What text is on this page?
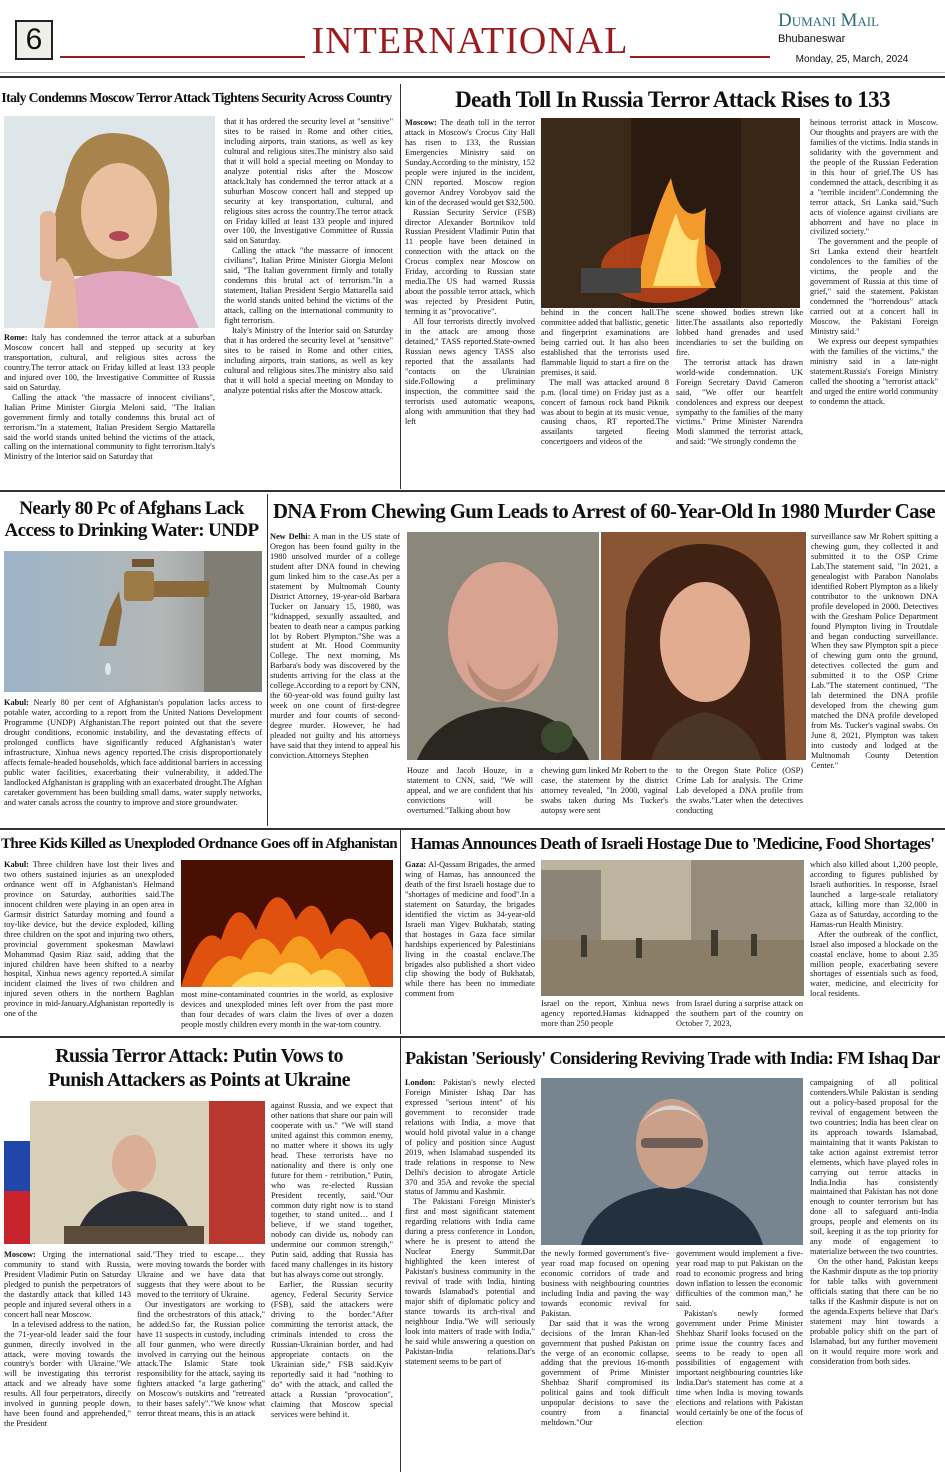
6	INTERNATIONAL	Dumani Mail
Bhubaneswar
Monday, 25, March, 2024
Italy Condemns Moscow Terror Attack Tightens Security Across Country

Rome: Italy has condemned the terror attack at a suburban Moscow concert hall and stepped up security at key transportation, cultural, and religious sites across the country.The terror attack on Friday killed at least 133 people and injured over 100, the Investigative Committee of Russia said on Saturday.

Calling the attack "the massacre of innocent civilians", Italian Prime Minister Giorgia Meloni said, "The Italian government firmly and totally condemns this brutal act of terrorism."In a statement, Italian President Sergio Mattarella said the world stands united behind the victims of the attack, calling on the international community to fight terrorism.Italy's Ministry of the Interior said on Saturday that

that it has ordered the security level at "sensitive" sites to be raised in Rome and other cities, including airports, train stations, as well as key cultural and religious sites.The ministry also said that it will hold a special meeting on Monday to analyze potential risks after the Moscow attack.Italy has condemned the terror attack at a suburban Moscow concert hall and stepped up security at key transportation, cultural, and religious sites across the country.The terror attack on Friday killed at least 133 people and injured over 100, the Investigative Committee of Russia said on Saturday.

Calling the attack "the massacre of innocent civilians", Italian Prime Minister Giorgia Meloni said, "The Italian government firmly and totally condemns this brutal act of terrorism."In a statement, Italian President Sergio Mattarella said the world stands united behind the victims of the attack, calling on the international community to fight terrorism.

Italy's Ministry of the Interior said on Saturday that it has ordered the security level at "sensitive" sites to be raised in Rome and other cities, including airports, train stations, as well as key cultural and religious sites.The ministry also said that it will hold a special meeting on Monday to analyze potential risks after the Moscow attack.

Death Toll In Russia Terror Attack Rises to 133

Moscow: The death toll in the terror attack in Moscow's Crocus City Hall has risen to 133, the Russian Emergencies Ministry said on Sunday.According to the ministry, 152 people were injured in the incident, CNN reported. Moscow region governor Andrey Vorobyov said the kin of the deceased would get $32,500.

Russian Security Service (FSB) director Alexander Bortnikov told Russian President Vladimir Putin that 11 people have been detained in connection with the attack on the Crocus complex near Moscow on Friday, according to Russian state media.The US had warned Russia about the possible terror attack, which was rejected by President Putin, terming it as "provocative".

All four terrorists directly involved in the attack are among those detained," TASS reported.State-owned Russian news agency TASS also reported that the assailants had "contacts on the Ukrainian side.Following a preliminary inspection, the committee said the terrorists used automatic weapons, along with ammunition that they had left

behind in the concert hall.The committee added that ballistic, genetic and fingerprint examinations are being carried out. It has also been established that the terrorists used flammable liquid to start a fire on the premises, it said.

The mall was attacked around 8 p.m. (local time) on Friday just as a concert of famous rock band Piknik was about to begin at its music venue, causing chaos, RT reported.The assailants targeted fleeing concertgoers and videos of the

scene showed bodies strewn like litter.The assailants also reportedly lobbed hand grenades and used incendiaries to set the building on fire.

The terrorist attack has drawn world-wide condemnation. UK Foreign Secretary David Cameron said, "We offer our heartfelt condolences and express our deepest sympathy to the families of the many victims." Prime Minister Narendra Modi slammed the terrorist attack, and said: "We strongly condemn the

heinous terrorist attack in Moscow. Our thoughts and prayers are with the families of the victims. India stands in solidarity with the government and the people of the Russian Federation in this hour of grief.The US has condemned the attack, describing it as a "terrible incident".Condemning the terror attack, Sri Lanka said,"Such acts of violence against civilians are abhorrent and have no place in civilized society."

The government and the people of Sri Lanka extend their heartfelt condolences to the families of the victims, the people and the government of Russia at this time of grief," said the statement. Pakistan condemned the "horrendous" attack carried out at a concert hall in Moscow, the Pakistani Foreign Ministry said."

We express our deepest sympathies with the families of the victims," the ministry said in a late-night statement.Russia's Foreign Ministry called the shooting a "terrorist attack" and urged the entire world community to condemn the attack.

Nearly 80 Pc of Afghans Lack
Access to Drinking Water: UNDP

Kabul: Nearly 80 per cent of Afghanistan's population lacks access to potable water, according to a report from the United Nations Development Programme (UNDP) Afghanistan.The report pointed out that the severe drought conditions, economic instability, and the devastating effects of prolonged conflicts have significantly reduced Afghanistan's water infrastructure, Xinhua news agency reported.The crisis disproportionately affects female-headed households, which face additional barriers in accessing public water facilities, exacerbating their vulnerability, it added.The landlocked Afghanistan is grappling with an exacerbated drought.The Afghan caretaker government has been building small dams, water supply networks, and water canals across the country to improve and store groundwater.

DNA From Chewing Gum Leads to Arrest of 60-Year-Old In 1980 Murder Case

New Delhi: A man in the US state of Oregon has been found guilty in the 1980 unsolved murder of a college student after DNA found in chewing gum linked him to the case.As per a statement by Multnomah County District Attorney, 19-year-old Barbara Tucker on January 15, 1980, was "kidnapped, sexually assaulted, and beaten to death near a campus parking lot by Robert Plympton."She was a student at Mt. Hood Community College. The next morning, Ms Barbara's body was discovered by the students arriving for the class at the college.According to a report by CNN, the 60-year-old was found guilty last week on one count of first-degree murder and four counts of second-degree murder. However, he had pleaded not guilty and his attorneys have said that they intend to appeal his conviction.Attorneys Stephen

Houze and Jacob Houze, in a statement to CNN, said, "We will appeal, and we are confident that his convictions will be overturned."Talking about how

chewing gum linked Mr Robert to the case, the statement by the district attorney revealed, "In 2000, vaginal swabs taken during Ms Tucker's autopsy were sent

to the Oregon State Police (OSP) Crime Lab for analysis. The Crime Lab developed a DNA profile from the swabs."Later when the detectives conducting

surveillance saw Mr Robert spitting a chewing gum, they collected it and submitted it to the OSP Crime Lab.The statement said, "In 2021, a genealogist with Parabon Nanolabs identified Robert Plympton as a likely contributor to the unknown DNA profile developed in 2000. Detectives with the Gresham Police Department found Plympton living in Troutdale and began conducting surveillance. When they saw Plympton spit a piece of chewing gum onto the ground, detectives collected the gum and submitted it to the OSP Crime Lab."The statement continued, "The lab determined the DNA profile developed from the chewing gum matched the DNA profile developed from Ms. Tucker's vaginal swabs. On June 8, 2021, Plympton was taken into custody and lodged at the Multnomah County Detention Center."

Three Kids Killed as Unexploded Ordnance Goes off in Afghanistan

Kabul: Three children have lost their lives and two others sustained injuries as an unexploded ordnance went off in Afghanistan's Helmand province on Saturday, authorities said.The innocent children were playing in an open area in Garmsir district Saturday morning and found a toy-like device, but the device exploded, killing three children on the spot and injuring two others, provincial government spokesman Mawlawi Mohammad Qasim Riaz said, adding that the injured children have been shifted to a nearby hospital, Xinhua news agency reported.A similar incident claimed the lives of two children and injured seven others in the northern Baghlan province in mid-January.Afghanistan reportedly is one of the

most mine-contaminated countries in the world, as explosive devices and unexploded mines left over from the past more than four decades of wars claim the lives of over a dozen people mostly children every month in the war-torn country.

Hamas Announces Death of Israeli Hostage Due to 'Medicine, Food Shortages'

Gaza: Al-Qassam Brigades, the armed wing of Hamas, has announced the death of the first Israeli hostage due to "shortages of medicine and food".In a statement on Saturday, the brigades identified the victim as 34-year-old Israeli man Yigev Bukhatab, stating that hostages in Gaza face similar hardships experienced by Palestinians living in the coastal enclave.The brigades also published a short video clip showing the body of Bukhatab, while there has been no immediate comment from

Israel on the report, Xinhua news agency reported.Hamas kidnapped more than 250 people

from Israel during a surprise attack on the southern part of the country on October 7, 2023,

which also killed about 1,200 people, according to figures published by Israeli authorities. In response, Israel launched a large-scale retaliatory attack, killing more than 32,000 in Gaza as of Saturday, according to the Hamas-run Health Ministry.

After the outbreak of the conflict, Israel also imposed a blockade on the coastal enclave, home to about 2.35 million people, exacerbating severe shortages of essentials such as food, water, medicine, and electricity for local residents.

Russia Terror Attack: Putin Vows to
Punish Attackers as Points at Ukraine

Moscow: Urging the international community to stand with Russia, President Vladimir Putin on Saturday pledged to punish the perpetrators of the dastardly attack that killed 143 people and injured several others in a concert hall near Moscow.

In a televised address to the nation, the 71-year-old leader said the four gunmen, directly involved in the attack, were moving towards the country's border with Ukraine."We will be investigating this terrorist attack and we already have some results. All four perpetrators, directly involved in gunning people down, have been found and apprehended," the President

said."They tried to escape… they were moving towards the border with Ukraine and we have data that suggests that they were about to be moved to the territory of Ukraine.

Our investigators are working to find the orchestrators of this attack," he added.So far, the Russian police have 11 suspects in custody, including all four gunmen, who were directly involved in carrying out the heinous attack.The Islamic State took responsibility for the attack, saying its fighters attacked "a large gathering" on Moscow's outskirts and "retreated to their bases safely"."We know what terror threat means, this is an attack

against Russia, and we expect that other nations that share our pain will cooperate with us." "We will stand united against this common enemy, no matter where it shows its ugly head. These terrorists have no nationality and there is only one future for them - retribution," Putin, who was re-elected Russian President recently, said."Our common duty right now is to stand together, to stand united… and I believe, if we stand together, nobody can divide us, nobody can undermine our common strength," Putin said, adding that Russia has faced many challenges in its history but has always come out strongly.

Earlier, the Russian security agency, Federal Security Service (FSB), said the attackers were driving to the border."After committing the terrorist attack, the criminals intended to cross the Russian-Ukrainian border, and had appropriate contacts on the Ukrainian side," FSB said.Kyiv reportedly said it had "nothing to do" with the attack, and called the attack a Russian "provocation", claiming that Moscow special services were behind it.

Pakistan 'Seriously' Considering Reviving Trade with India: FM Ishaq Dar

London: Pakistan's newly elected Foreign Minister Ishaq Dar has expressed "serious intent" of his government to reconsider trade relations with India, a move that would hold pivotal value in a change of policy and position since August 2019, when Islamabad suspended its trade relations in response to New Delhi's decision to abrogate Article 370 and 35A and revoke the special status of Jammu and Kashmir.

The Pakistani Foreign Minister's first and most significant statement regarding relations with India came during a press conference in London, where he is present to attend the Nuclear Energy Summit.Dar highlighted the keen interest of Pakistan's business community in the revival of trade with India, hinting towards Islamabad's potential and major shift of diplomatic policy and stance towards its arch-rival and neighbour India."We will seriously look into matters of trade with India," he said while answering a question on Pakistan-India relations.Dar's statement seems to be part of

the newly formed government's five-year road map focused on opening economic corridors of trade and business with neighbouring countries including India and paving the way towards economic revival for Pakistan.

Dar said that it was the wrong decisions of the Imran Khan-led government that pushed Pakistan on the verge of an economic collapse, adding that the previous 16-month government of Prime Minister Shehbaz Sharif compromised its political gains and took difficult unpopular decisions to save the country from a financial meltdown."Our

government would implement a five-year road map to put Pakistan on the road to economic progress and bring down inflation to lessen the economic difficulties of the common man," he said.

Pakistan's newly formed government under Prime Minister Shehbaz Sharif looks focused on the prime issue the country faces and seems to be ready to open all possibilities of engagement with important neighbouring countries like India.Dar's statement has come at a time when India is moving towards elections and relations with Pakistan would certainly be one of the focus of election

campaigning of all political contenders.While Pakistan is sending out a policy-based proposal for the revival of engagement between the two countries; India has been clear on its approach towards Islamabad, maintaining that it wants Pakistan to take action against extremist terror elements, which have played roles in carrying out terror attacks in India.India has consistently maintained that Pakistan has not done enough to counter terrorism but has done all to safeguard anti-India groups, people and elements on its soil, keeping it as the top priority for any mode of engagement to materialize between the two countries.

On the other hand, Pakistan keeps the Kashmir dispute as the top priority for table talks with government officials stating that there can be no talks if the Kashmir dispute is not on the agenda.Experts believe that Dar's statement may hint towards a probable policy shift on the part of Islamabad, but any further movement on it would require more work and consideration from both sides.
